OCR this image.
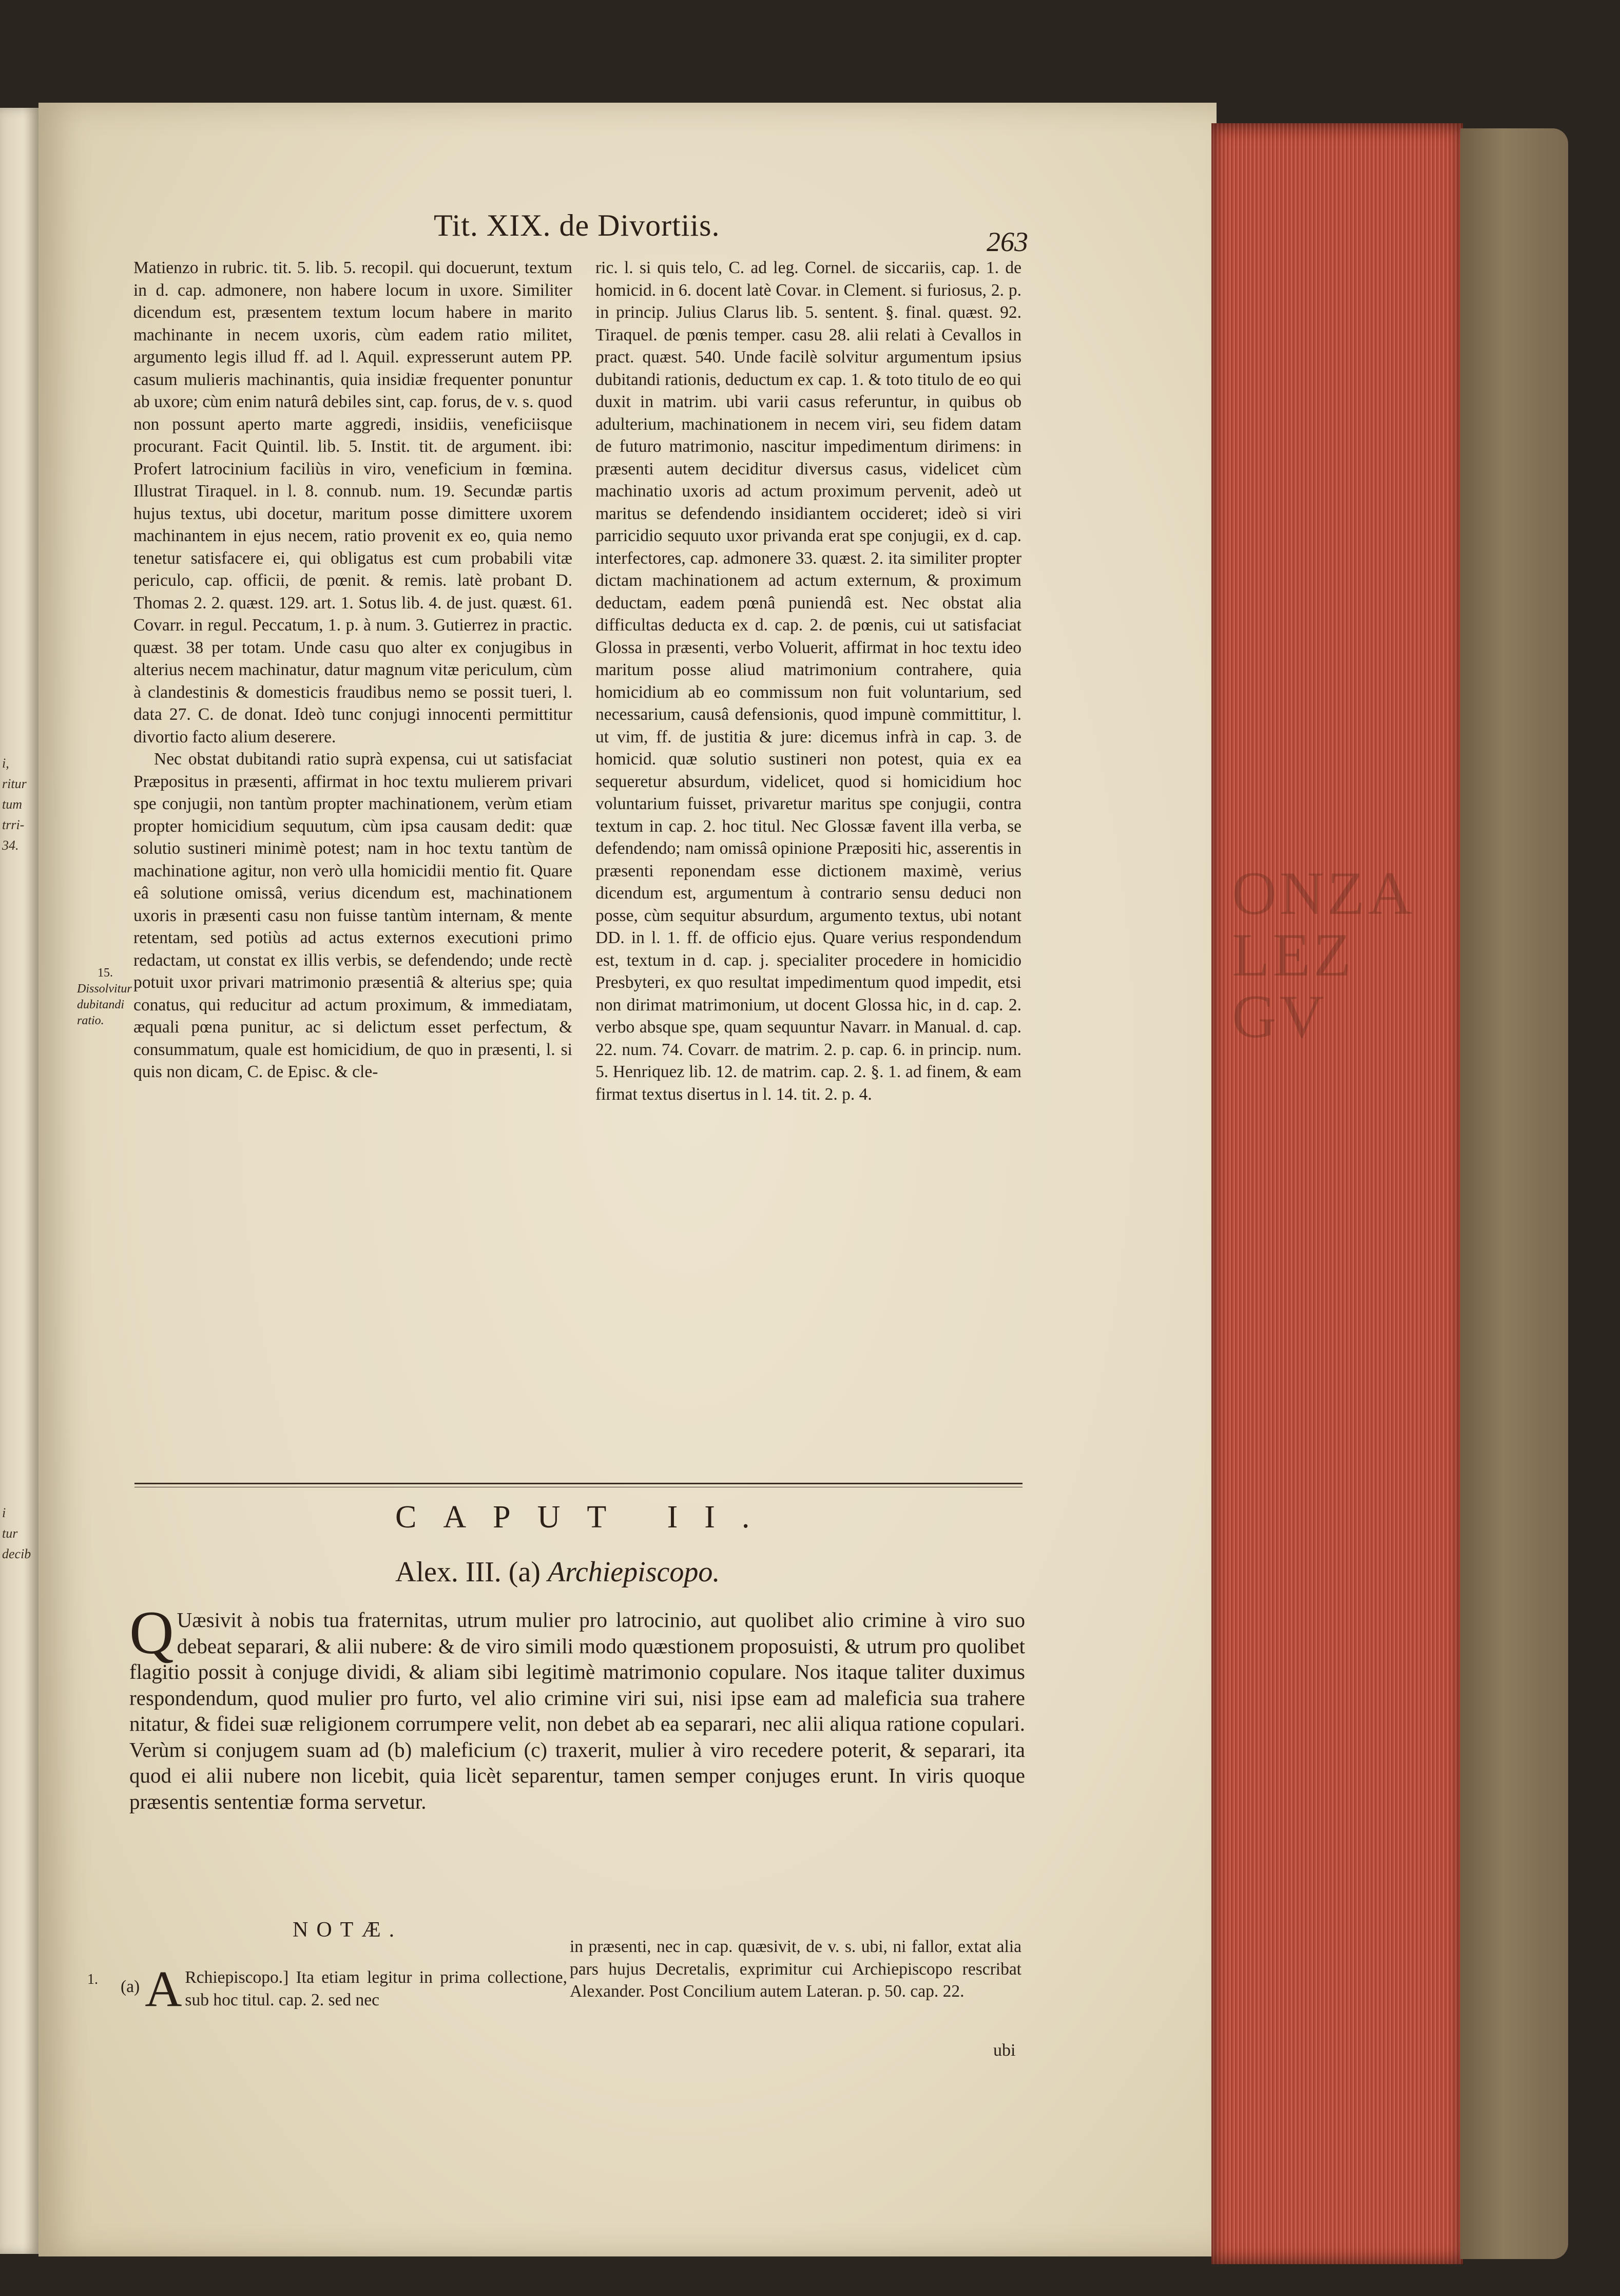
i,
ritur
tum
trri-
34.
i
tur
decib
ONZA
LEZ
GV
Tit. XIX. de Divortiis.	263

Matienzo in rubric. tit. 5. lib. 5. recopil. qui docuerunt, textum in d. cap. admonere, non habere locum in uxore. Similiter dicendum est, præsentem textum locum habere in marito machinante in necem uxoris, cùm eadem ratio militet, argumento legis illud ff. ad l. Aquil. expresserunt autem PP. casum mulieris machinantis, quia insidiæ frequenter ponuntur ab uxore; cùm enim naturâ debiles sint, cap. forus, de v. s. quod non possunt aperto marte aggredi, insidiis, veneficiisque procurant. Facit Quintil. lib. 5. Instit. tit. de argument. ibi: Profert latrocinium faciliùs in viro, veneficium in fœmina. Illustrat Tiraquel. in l. 8. connub. num. 19. Secundæ partis hujus textus, ubi docetur, maritum posse dimittere uxorem machinantem in ejus necem, ratio provenit ex eo, quia nemo tenetur satisfacere ei, qui obligatus est cum probabili vitæ periculo, cap. officii, de pœnit. & remis. latè probant D. Thomas 2. 2. quæst. 129. art. 1. Sotus lib. 4. de just. quæst. 61. Covarr. in regul. Peccatum, 1. p. à num. 3. Gutierrez in practic. quæst. 38 per totam. Unde casu quo alter ex conjugibus in alterius necem machinatur, datur magnum vitæ periculum, cùm à clandestinis & domesticis fraudibus nemo se possit tueri, l. data 27. C. de donat. Ideò tunc conjugi innocenti permittitur divortio facto alium deserere.

Nec obstat dubitandi ratio suprà expensa, cui ut satisfaciat Præpositus in præsenti, affirmat in hoc textu mulierem privari spe conjugii, non tantùm propter machinationem, verùm etiam propter homicidium sequutum, cùm ipsa causam dedit: quæ solutio sustineri minimè potest; nam in hoc textu tantùm de machinatione agitur, non verò ulla homicidii mentio fit. Quare eâ solutione omissâ, verius dicendum est, machinationem uxoris in præsenti casu non fuisse tantùm internam, & mente retentam, sed potiùs ad actus externos executioni primo redactam, ut constat ex illis verbis, se defendendo; unde rectè potuit uxor privari matrimonio præsentiâ & alterius spe; quia conatus, qui reducitur ad actum proximum, & immediatam, æquali pœna punitur, ac si delictum esset perfectum, & consummatum, quale est homicidium, de quo in præsenti, l. si quis non dicam, C. de Episc. & cle-

15.
Dissolvitur dubitandi ratio.

ric. l. si quis telo, C. ad leg. Cornel. de siccariis, cap. 1. de homicid. in 6. docent latè Covar. in Clement. si furiosus, 2. p. in princip. Julius Clarus lib. 5. sentent. §. final. quæst. 92. Tiraquel. de pœnis temper. casu 28. alii relati à Cevallos in pract. quæst. 540. Unde facilè solvitur argumentum ipsius dubitandi rationis, deductum ex cap. 1. & toto titulo de eo qui duxit in matrim. ubi varii casus referuntur, in quibus ob adulterium, machinationem in necem viri, seu fidem datam de futuro matrimonio, nascitur impedimentum dirimens: in præsenti autem deciditur diversus casus, videlicet cùm machinatio uxoris ad actum proximum pervenit, adeò ut maritus se defendendo insidiantem occideret; ideò si viri parricidio sequuto uxor privanda erat spe conjugii, ex d. cap. interfectores, cap. admonere 33. quæst. 2. ita similiter propter dictam machinationem ad actum externum, & proximum deductam, eadem pœnâ puniendâ est. Nec obstat alia difficultas deducta ex d. cap. 2. de pœnis, cui ut satisfaciat Glossa in præsenti, verbo Voluerit, affirmat in hoc textu ideo maritum posse aliud matrimonium contrahere, quia homicidium ab eo commissum non fuit voluntarium, sed necessarium, causâ defensionis, quod impunè committitur, l. ut vim, ff. de justitia & jure: dicemus infrà in cap. 3. de homicid. quæ solutio sustineri non potest, quia ex ea sequeretur absurdum, videlicet, quod si homicidium hoc voluntarium fuisset, privaretur maritus spe conjugii, contra textum in cap. 2. hoc titul. Nec Glossæ favent illa verba, se defendendo; nam omissâ opinione Præpositi hic, asserentis in præsenti reponendam esse dictionem maximè, verius dicendum est, argumentum à contrario sensu deduci non posse, cùm sequitur absurdum, argumento textus, ubi notant DD. in l. 1. ff. de officio ejus. Quare verius respondendum est, textum in d. cap. j. specialiter procedere in homicidio Presbyteri, ex quo resultat impedimentum quod impedit, etsi non dirimat matrimonium, ut docent Glossa hic, in d. cap. 2. verbo absque spe, quam sequuntur Navarr. in Manual. d. cap. 22. num. 74. Covarr. de matrim. 2. p. cap. 6. in princip. num. 5. Henriquez lib. 12. de matrim. cap. 2. §. 1. ad finem, & eam firmat textus disertus in l. 14. tit. 2. p. 4.

CAPUT II.
Alex. III. (a) Archiepiscopo.
Q Uæsivit à nobis tua fraternitas, utrum mulier pro latrocinio, aut quolibet alio crimine à viro suo debeat separari, & alii nubere: & de viro simili modo quæstionem proposuisti, & utrum pro quolibet flagitio possit à conjuge dividi, & aliam sibi legitimè matrimonio copulare. Nos itaque taliter duximus respondendum, quod mulier pro furto, vel alio crimine viri sui, nisi ipse eam ad maleficia sua trahere nitatur, & fidei suæ religionem corrumpere velit, non debet ab ea separari, nec alii aliqua ratione copulari. Verùm si conjugem suam ad (b) maleficium (c) traxerit, mulier à viro recedere poterit, & separari, ita quod ei alii nubere non licebit, quia licèt separentur, tamen semper conjuges erunt. In viris quoque præsentis sententiæ forma servetur.
NOTÆ.
1. (a) A Rchiepiscopo.] Ita etiam legitur in prima collectione, sub hoc titul. cap. 2. sed nec
in præsenti, nec in cap. quæsivit, de v. s. ubi, ni fallor, extat alia pars hujus Decretalis, exprimitur cui Archiepiscopo rescribat Alexander. Post Concilium autem Lateran. p. 50. cap. 22.
ubi
